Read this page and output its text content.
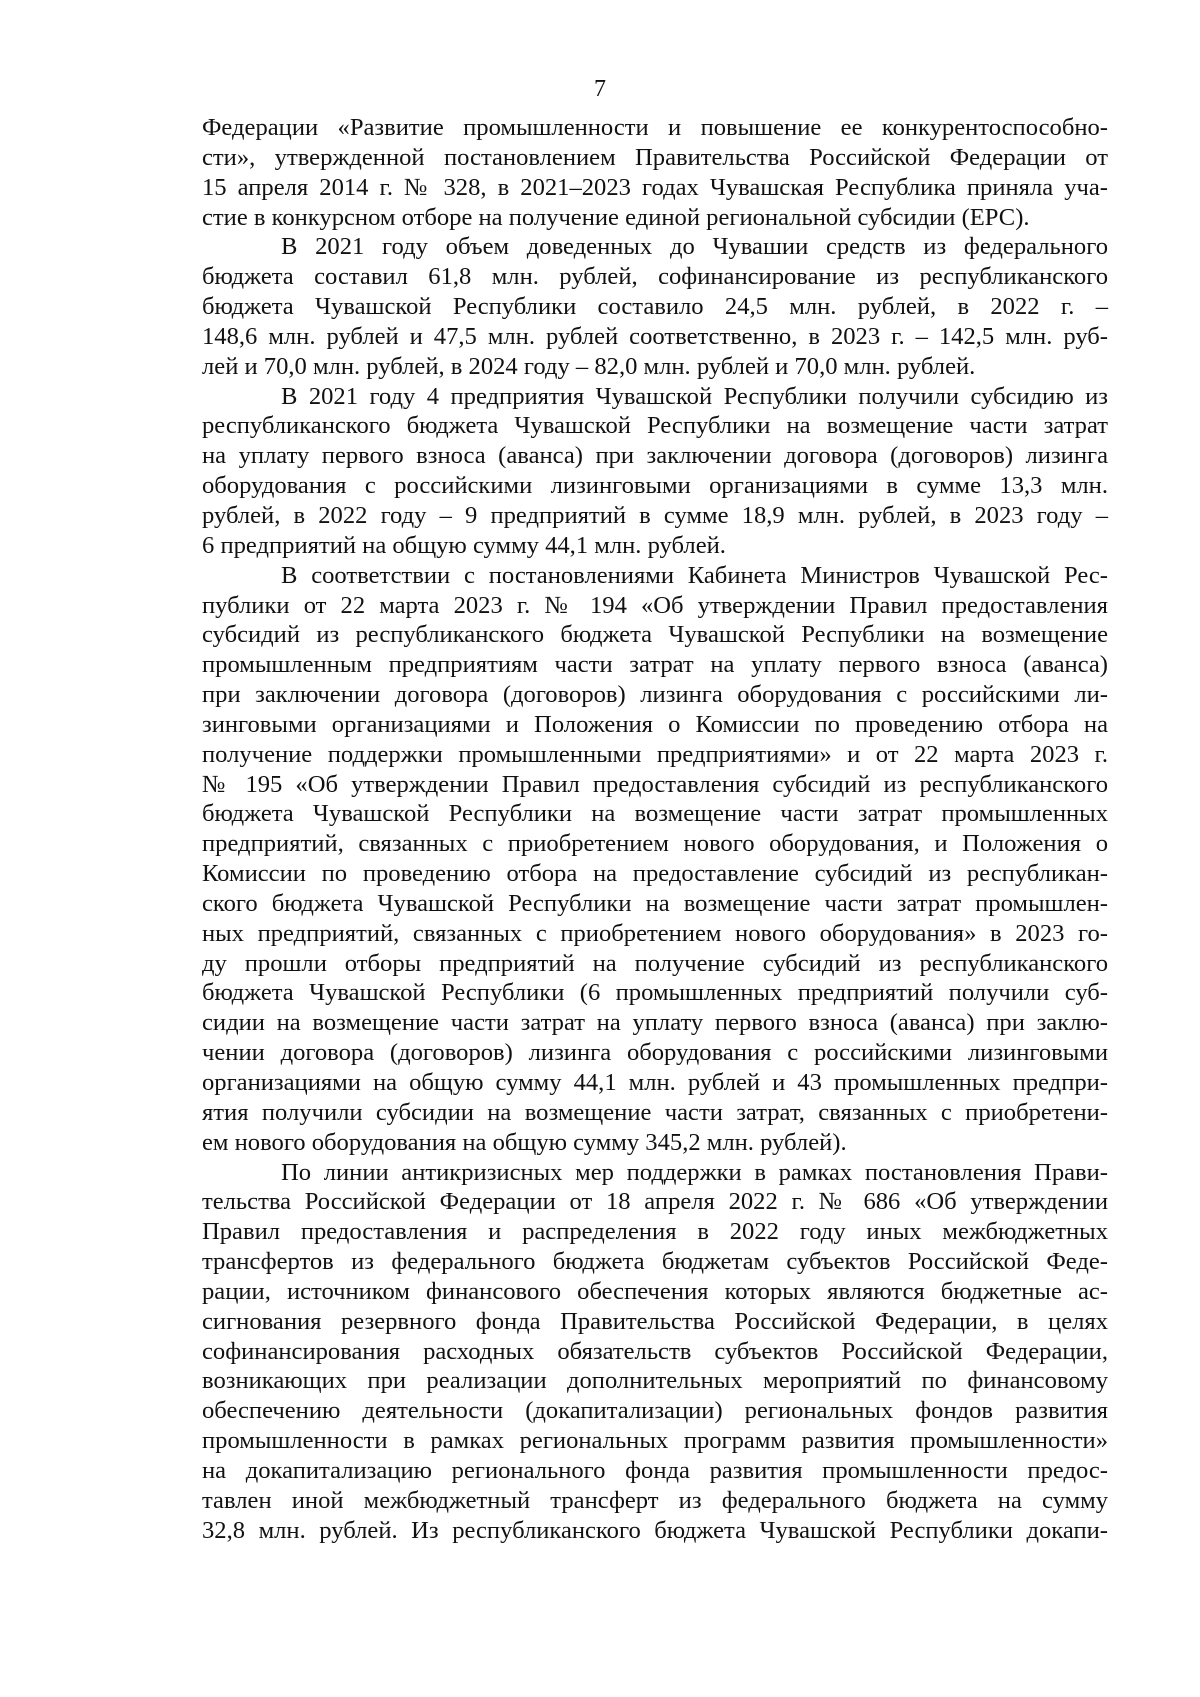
7
Федерации «Развитие промышленности и повышение ее конкурентоспособно-
сти», утвержденной постановлением Правительства Российской Федерации от
15 апреля 2014 г. № 328, в 2021–2023 годах Чувашская Республика приняла уча-
стие в конкурсном отборе на получение единой региональной субсидии (ЕРС).
В 2021 году объем доведенных до Чувашии средств из федерального
бюджета составил 61,8 млн. рублей, софинансирование из республиканского
бюджета Чувашской Республики составило 24,5 млн. рублей, в 2022 г. –
148,6 млн. рублей и 47,5 млн. рублей соответственно, в 2023 г. – 142,5 млн. руб-
лей и 70,0 млн. рублей, в 2024 году – 82,0 млн. рублей и 70,0 млн. рублей.
В 2021 году 4 предприятия Чувашской Республики получили субсидию из
республиканского бюджета Чувашской Республики на возмещение части затрат
на уплату первого взноса (аванса) при заключении договора (договоров) лизинга
оборудования с российскими лизинговыми организациями в сумме 13,3 млн.
рублей, в 2022 году – 9 предприятий в сумме 18,9 млн. рублей, в 2023 году –
6 предприятий на общую сумму 44,1 млн. рублей.
В соответствии с постановлениями Кабинета Министров Чувашской Рес-
публики от 22 марта 2023 г. № 194 «Об утверждении Правил предоставления
субсидий из республиканского бюджета Чувашской Республики на возмещение
промышленным предприятиям части затрат на уплату первого взноса (аванса)
при заключении договора (договоров) лизинга оборудования с российскими ли-
зинговыми организациями и Положения о Комиссии по проведению отбора на
получение поддержки промышленными предприятиями» и от 22 марта 2023 г.
№ 195 «Об утверждении Правил предоставления субсидий из республиканского
бюджета Чувашской Республики на возмещение части затрат промышленных
предприятий, связанных с приобретением нового оборудования, и Положения о
Комиссии по проведению отбора на предоставление субсидий из республикан-
ского бюджета Чувашской Республики на возмещение части затрат промышлен-
ных предприятий, связанных с приобретением нового оборудования» в 2023 го-
ду прошли отборы предприятий на получение субсидий из республиканского
бюджета Чувашской Республики (6 промышленных предприятий получили суб-
сидии на возмещение части затрат на уплату первого взноса (аванса) при заклю-
чении договора (договоров) лизинга оборудования с российскими лизинговыми
организациями на общую сумму 44,1 млн. рублей и 43 промышленных предпри-
ятия получили субсидии на возмещение части затрат, связанных с приобретени-
ем нового оборудования на общую сумму 345,2 млн. рублей).
По линии антикризисных мер поддержки в рамках постановления Прави-
тельства Российской Федерации от 18 апреля 2022 г. № 686 «Об утверждении
Правил предоставления и распределения в 2022 году иных межбюджетных
трансфертов из федерального бюджета бюджетам субъектов Российской Феде-
рации, источником финансового обеспечения которых являются бюджетные ас-
сигнования резервного фонда Правительства Российской Федерации, в целях
софинансирования расходных обязательств субъектов Российской Федерации,
возникающих при реализации дополнительных мероприятий по финансовому
обеспечению деятельности (докапитализации) региональных фондов развития
промышленности в рамках региональных программ развития промышленности»
на докапитализацию регионального фонда развития промышленности предос-
тавлен иной межбюджетный трансферт из федерального бюджета на сумму
32,8 млн. рублей. Из республиканского бюджета Чувашской Республики докапи-
